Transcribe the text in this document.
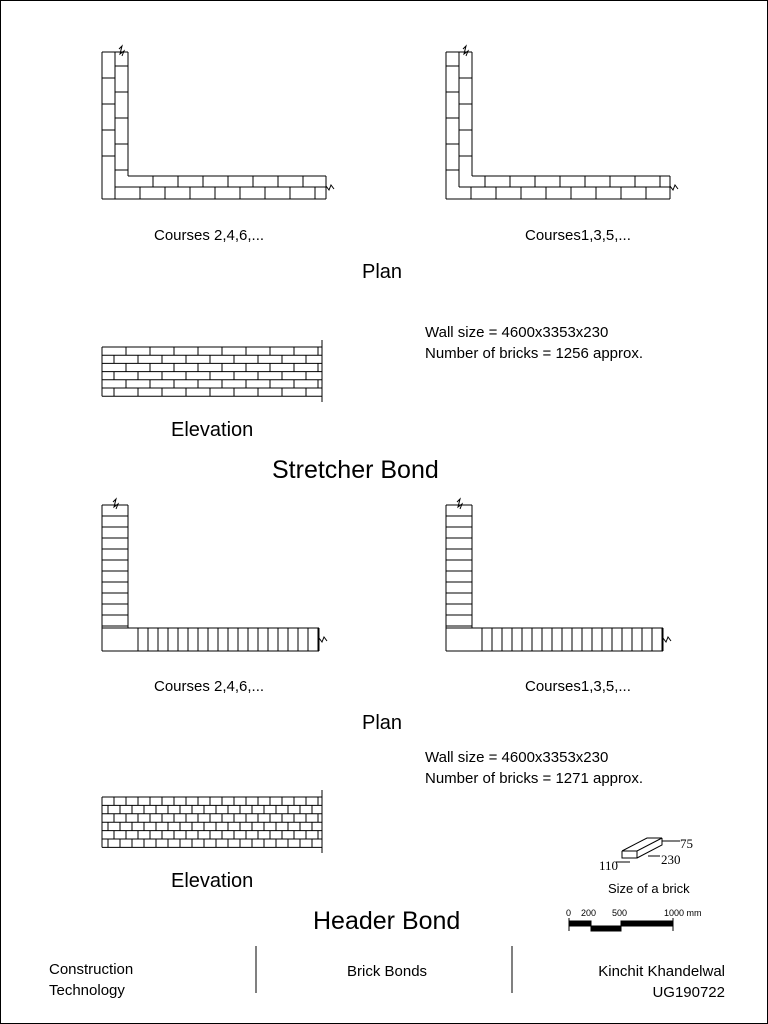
Courses 2,4,6,...	Courses1,3,5,...
Plan
Wall size = 4600x3353x230
Number of bricks = 1256 approx.
Elevation
Stretcher Bond
Courses 2,4,6,...	Courses1,3,5,...
Plan
Wall size = 4600x3353x230
Number of bricks = 1271 approx.
Elevation
Header Bond
75
230
110
Size of a brick
0 200 500	1000 mm
Construction
Technology
Brick Bonds	Kinchit Khandelwal
UG190722
